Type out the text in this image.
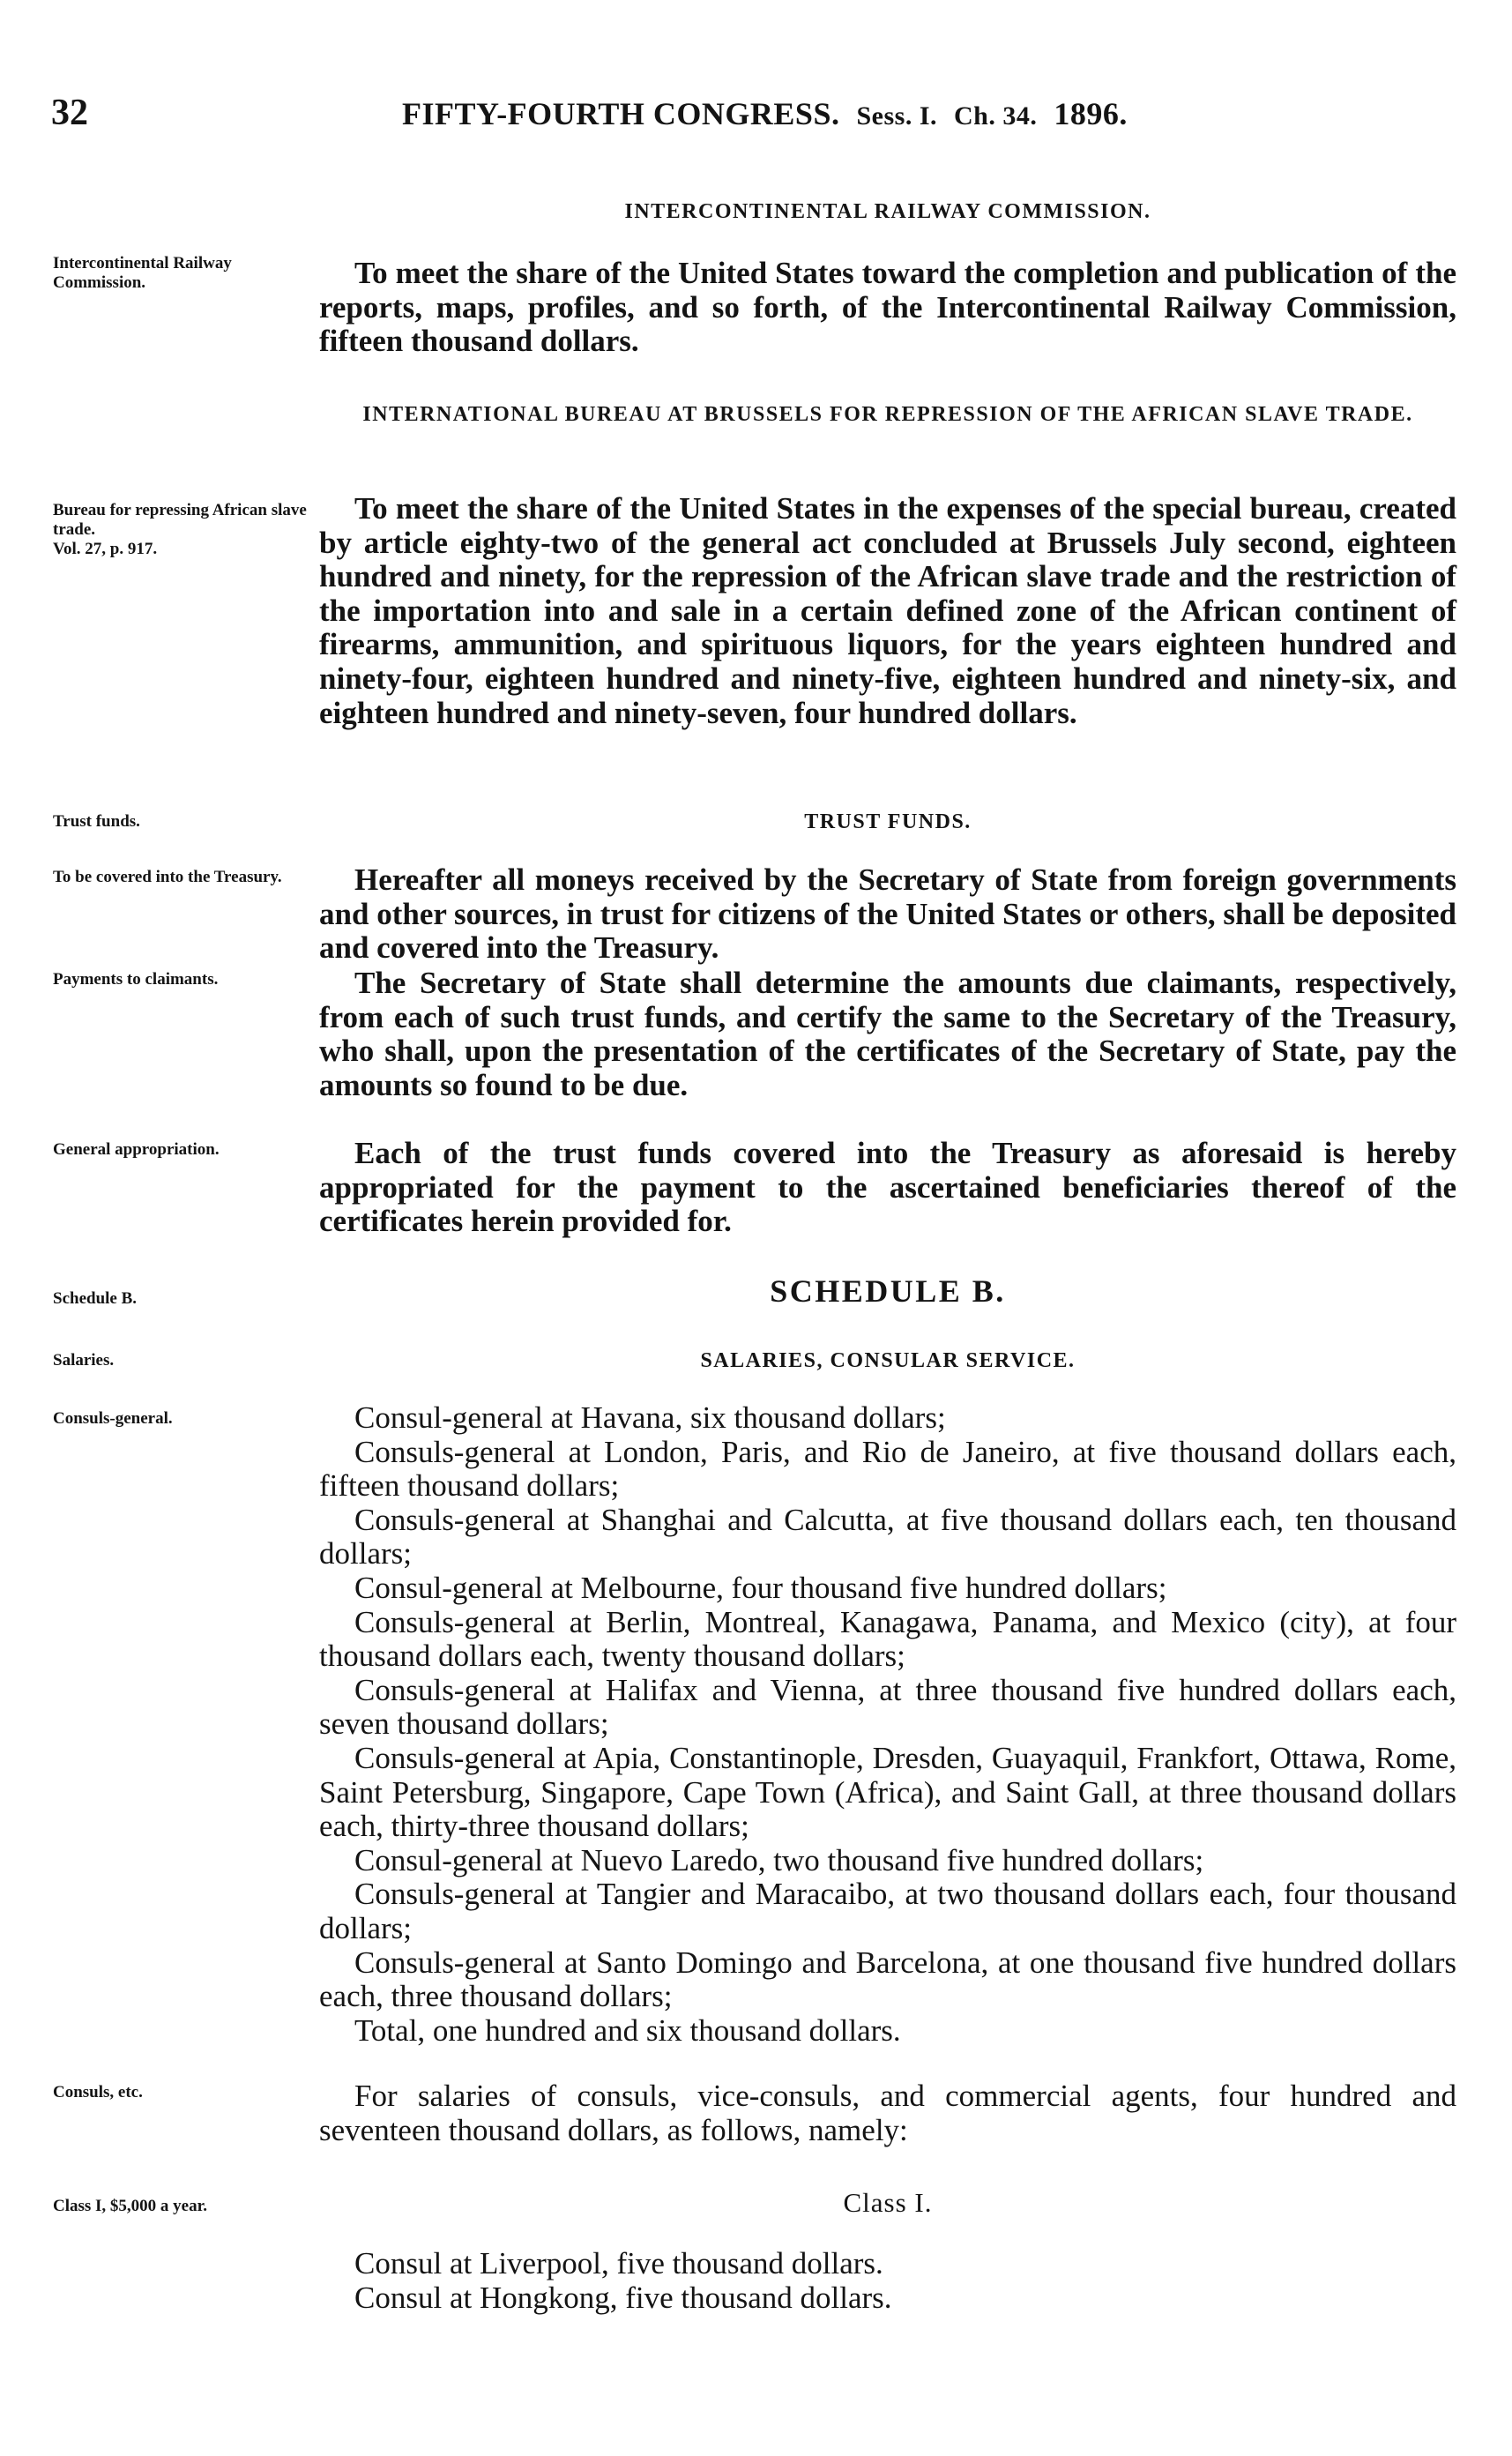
32	FIFTY-FOURTH CONGRESS. Sess. I. Ch. 34. 1896.
INTERCONTINENTAL RAILWAY COMMISSION.
Intercontinental Railway Commission.	To meet the share of the United States toward the completion and publication of the reports, maps, profiles, and so forth, of the Intercontinental Railway Commission, fifteen thousand dollars.
INTERNATIONAL BUREAU AT BRUSSELS FOR REPRESSION OF THE AFRICAN SLAVE TRADE.
Bureau for repressing African slave trade.
Vol. 27, p. 917.
To meet the share of the United States in the expenses of the special bureau, created by article eighty-two of the general act concluded at Brussels July second, eighteen hundred and ninety, for the repression of the African slave trade and the restriction of the importation into and sale in a certain defined zone of the African continent of firearms, ammunition, and spirituous liquors, for the years eighteen hundred and ninety-four, eighteen hundred and ninety-five, eighteen hundred and ninety-six, and eighteen hundred and ninety-seven, four hundred dollars.
Trust funds.	TRUST FUNDS.
To be covered into the Treasury.	Hereafter all moneys received by the Secretary of State from foreign governments and other sources, in trust for citizens of the United States or others, shall be deposited and covered into the Treasury.
Payments to claimants.	The Secretary of State shall determine the amounts due claimants, respectively, from each of such trust funds, and certify the same to the Secretary of the Treasury, who shall, upon the presentation of the certificates of the Secretary of State, pay the amounts so found to be due.
General appropriation.	Each of the trust funds covered into the Treasury as aforesaid is hereby appropriated for the payment to the ascertained beneficiaries thereof of the certificates herein provided for.
Schedule B.	SCHEDULE B.
Salaries.	SALARIES, CONSULAR SERVICE.
Consuls-general.	Consul-general at Havana, six thousand dollars;
Consuls-general at London, Paris, and Rio de Janeiro, at five thousand dollars each, fifteen thousand dollars;
Consuls-general at Shanghai and Calcutta, at five thousand dollars each, ten thousand dollars;
Consul-general at Melbourne, four thousand five hundred dollars;
Consuls-general at Berlin, Montreal, Kanagawa, Panama, and Mexico (city), at four thousand dollars each, twenty thousand dollars;
Consuls-general at Halifax and Vienna, at three thousand five hundred dollars each, seven thousand dollars;
Consuls-general at Apia, Constantinople, Dresden, Guayaquil, Frankfort, Ottawa, Rome, Saint Petersburg, Singapore, Cape Town (Africa), and Saint Gall, at three thousand dollars each, thirty-three thousand dollars;
Consul-general at Nuevo Laredo, two thousand five hundred dollars;
Consuls-general at Tangier and Maracaibo, at two thousand dollars each, four thousand dollars;
Consuls-general at Santo Domingo and Barcelona, at one thousand five hundred dollars each, three thousand dollars;
Total, one hundred and six thousand dollars.
Consuls, etc.	For salaries of consuls, vice-consuls, and commercial agents, four hundred and seventeen thousand dollars, as follows, namely:
Class I, $5,000 a year.	Class I.
Consul at Liverpool, five thousand dollars.
Consul at Hongkong, five thousand dollars.
